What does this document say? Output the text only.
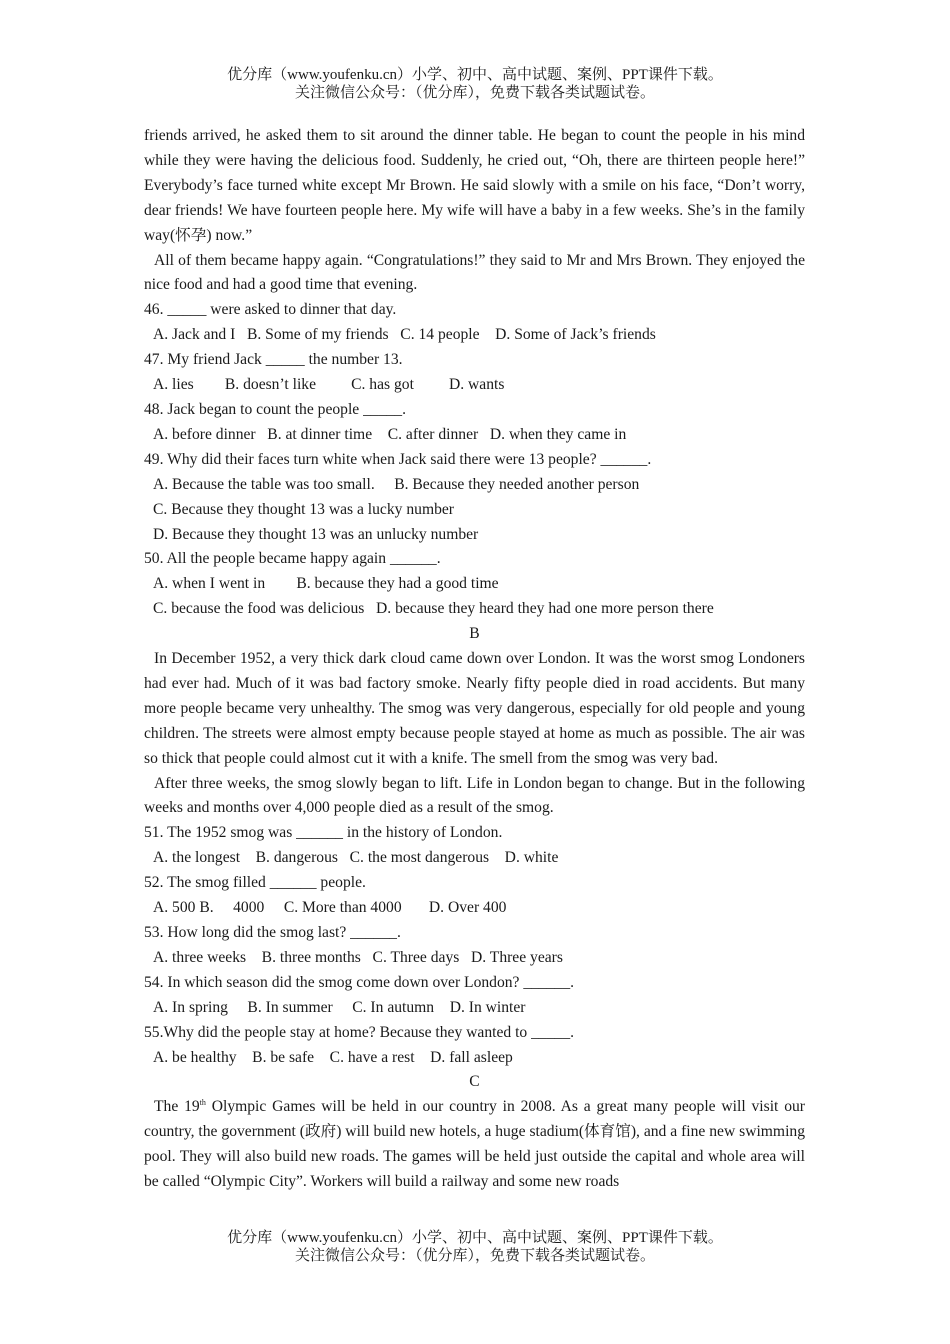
优分库（www.youfenku.cn）小学、初中、高中试题、案例、PPT课件下载。
关注微信公众号：（优分库），免费下载各类试题试卷。

friends arrived, he asked them to sit around the dinner table. He began to count the people in his mind while they were having the delicious food. Suddenly, he cried out, “Oh, there are thirteen people here!” Everybody’s face turned white except Mr Brown. He said slowly with a smile on his face, “Don’t worry, dear friends! We have fourteen people here. My wife will have a baby in a few weeks. She’s in the family way(怀孕) now.”

All of them became happy again. “Congratulations!” they said to Mr and Mrs Brown. They enjoyed the nice food and had a good time that evening.

46. _____ were asked to dinner that day.

A. Jack and I   B. Some of my friends   C. 14 people    D. Some of Jack’s friends

47. My friend Jack _____ the number 13.

A. lies        B. doesn’t like         C. has got         D. wants

48. Jack began to count the people _____.

A. before dinner   B. at dinner time    C. after dinner   D. when they came in

49. Why did their faces turn white when Jack said there were 13 people? ______.

A. Because the table was too small.     B. Because they needed another person

C. Because they thought 13 was a lucky number

D. Because they thought 13 was an unlucky number

50. All the people became happy again ______.

A. when I went in        B. because they had a good time

C. because the food was delicious   D. because they heard they had one more person there

B

In December 1952, a very thick dark cloud came down over London. It was the worst smog Londoners had ever had. Much of it was bad factory smoke. Nearly fifty people died in road accidents. But many more people became very unhealthy. The smog was very dangerous, especially for old people and young children. The streets were almost empty because people stayed at home as much as possible. The air was so thick that people could almost cut it with a knife. The smell from the smog was very bad.

After three weeks, the smog slowly began to lift. Life in London began to change. But in the following weeks and months over 4,000 people died as a result of the smog.

51. The 1952 smog was ______ in the history of London.

A. the longest    B. dangerous   C. the most dangerous    D. white

52. The smog filled ______ people.

A. 500 B.     4000     C. More than 4000       D. Over 400

53. How long did the smog last? ______.

A. three weeks    B. three months   C. Three days   D. Three years

54. In which season did the smog come down over London? ______.

A. In spring     B. In summer     C. In autumn    D. In winter

55.Why did the people stay at home? Because they wanted to _____.

A. be healthy    B. be safe    C. have a rest    D. fall asleep

C

The 19th Olympic Games will be held in our country in 2008. As a great many people will visit our country, the government (政府) will build new hotels, a huge stadium(体育馆), and a fine new swimming pool. They will also build new roads. The games will be held just outside the capital and whole area will be called “Olympic City”. Workers will build a railway and some new roads

优分库（www.youfenku.cn）小学、初中、高中试题、案例、PPT课件下载。
关注微信公众号：（优分库），免费下载各类试题试卷。
